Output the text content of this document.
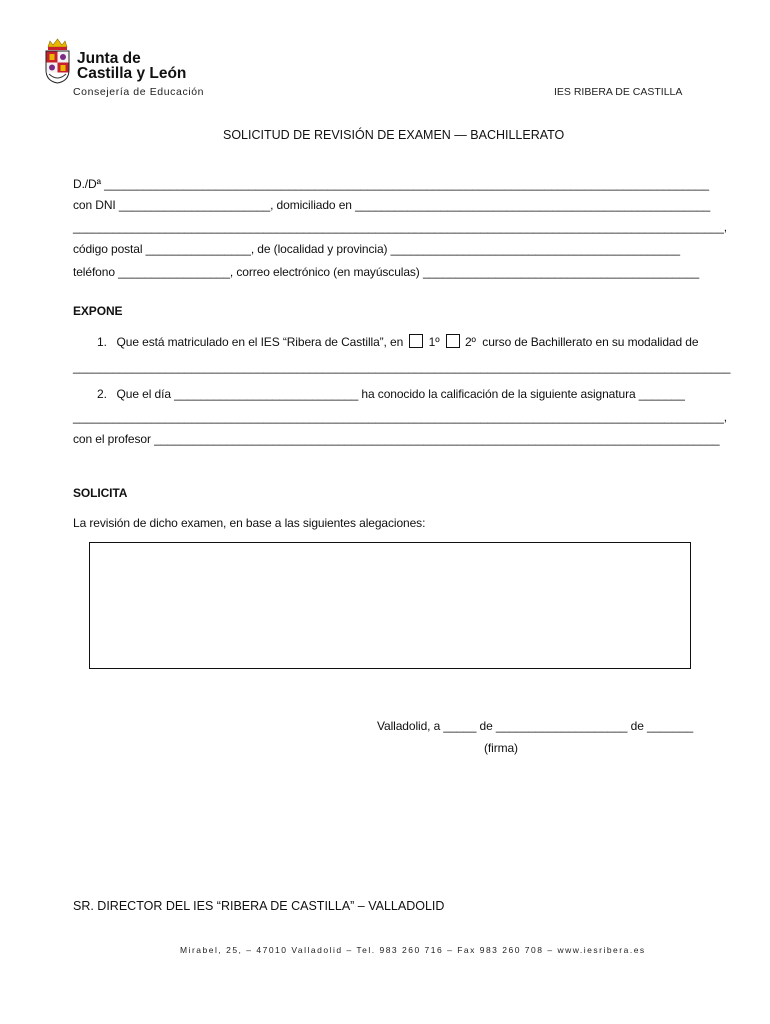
Junta de
Castilla y León
Consejería de Educación	IES RIBERA DE CASTILLA
SOLICITUD DE REVISIÓN DE EXAMEN — BACHILLERATO
D./Dª ____________________________________________________________________________________________
con DNI _______________________, domiciliado en ______________________________________________________
___________________________________________________________________________________________________,
código postal ________________, de (localidad y provincia) ____________________________________________
teléfono _________________, correo electrónico (en mayúsculas) __________________________________________
EXPONE
1. Que está matriculado en el IES “Ribera de Castilla”, en 1º 2º curso de Bachillerato en su modalidad de
____________________________________________________________________________________________________
2. Que el día ____________________________ ha conocido la calificación de la siguiente asignatura _______
___________________________________________________________________________________________________,
con el profesor ______________________________________________________________________________________
SOLICITA
La revisión de dicho examen, en base a las siguientes alegaciones:
Valladolid, a _____ de ____________________ de _______
(firma)
SR. DIRECTOR DEL IES “RIBERA DE CASTILLA” – VALLADOLID
Mirabel, 25, – 47010 Valladolid – Tel. 983 260 716 – Fax 983 260 708 – www.iesribera.es
